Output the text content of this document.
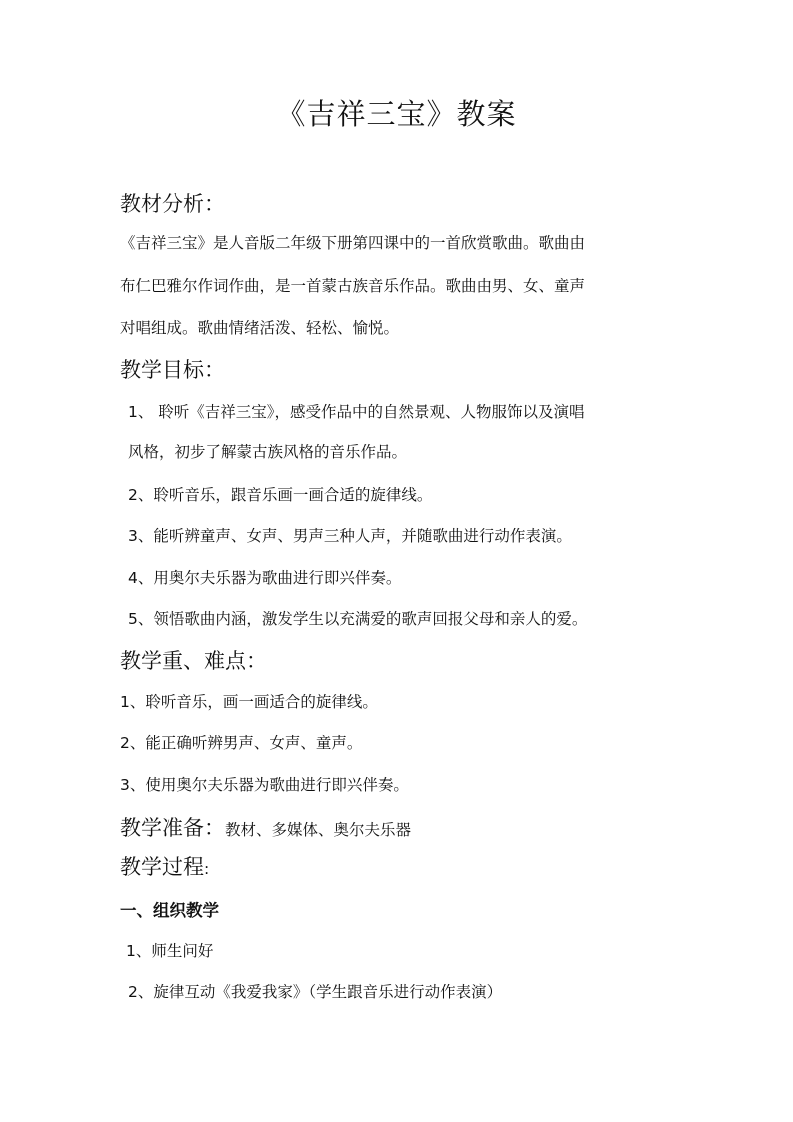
《吉祥三宝》教案
教材分析：
《吉祥三宝》是人音版二年级下册第四课中的一首欣赏歌曲。歌曲由
布仁巴雅尔作词作曲，是一首蒙古族音乐作品。歌曲由男、女、童声
对唱组成。歌曲情绪活泼、轻松、愉悦。
教学目标：
1、 聆听《吉祥三宝》，感受作品中的自然景观、人物服饰以及演唱
风格，初步了解蒙古族风格的音乐作品。
2、聆听音乐，跟音乐画一画合适的旋律线。
3、能听辨童声、女声、男声三种人声，并随歌曲进行动作表演。
4、用奥尔夫乐器为歌曲进行即兴伴奏。
5、领悟歌曲内涵，激发学生以充满爱的歌声回报父母和亲人的爱。
教学重、难点：
1、聆听音乐，画一画适合的旋律线。
2、能正确听辨男声、女声、童声。
3、使用奥尔夫乐器为歌曲进行即兴伴奏。
教学准备：教材、多媒体、奥尔夫乐器
教学过程:
一、组织教学
1、师生问好
2、旋律互动《我爱我家》（学生跟音乐进行动作表演）
